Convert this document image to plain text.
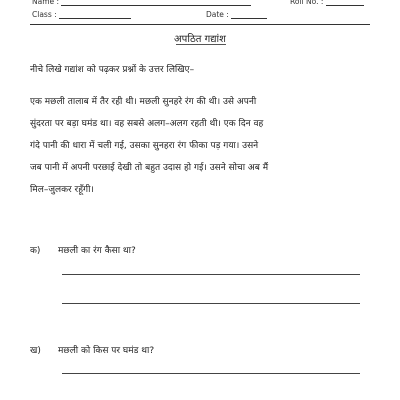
Name :	Roll No. :
Class :	Date :
अपठित गद्यांश
नीचे लिखे गद्यांश को पढ़कर प्रश्नों के उत्तर लिखिए–
एक मछली तालाब में तैर रही थी। मछली सुनहरे रंग की थी। उसे अपनी
सुंदरता पर बड़ा घमंड था। वह सबसे अलग–अलग रहती थी। एक दिन वह
गंदे पानी की धारा में चली गई, उसका सुनहरा रंग फीका पड़ गया। उसने
जब पानी में अपनी परछाई देखी तो बहुत उदास हो गई। उसने सोचा अब मैं
मिल–जुलकर रहूँगी।
क) मछली का रंग कैसा था?
ख) मछली को किस पर घमंड था?
